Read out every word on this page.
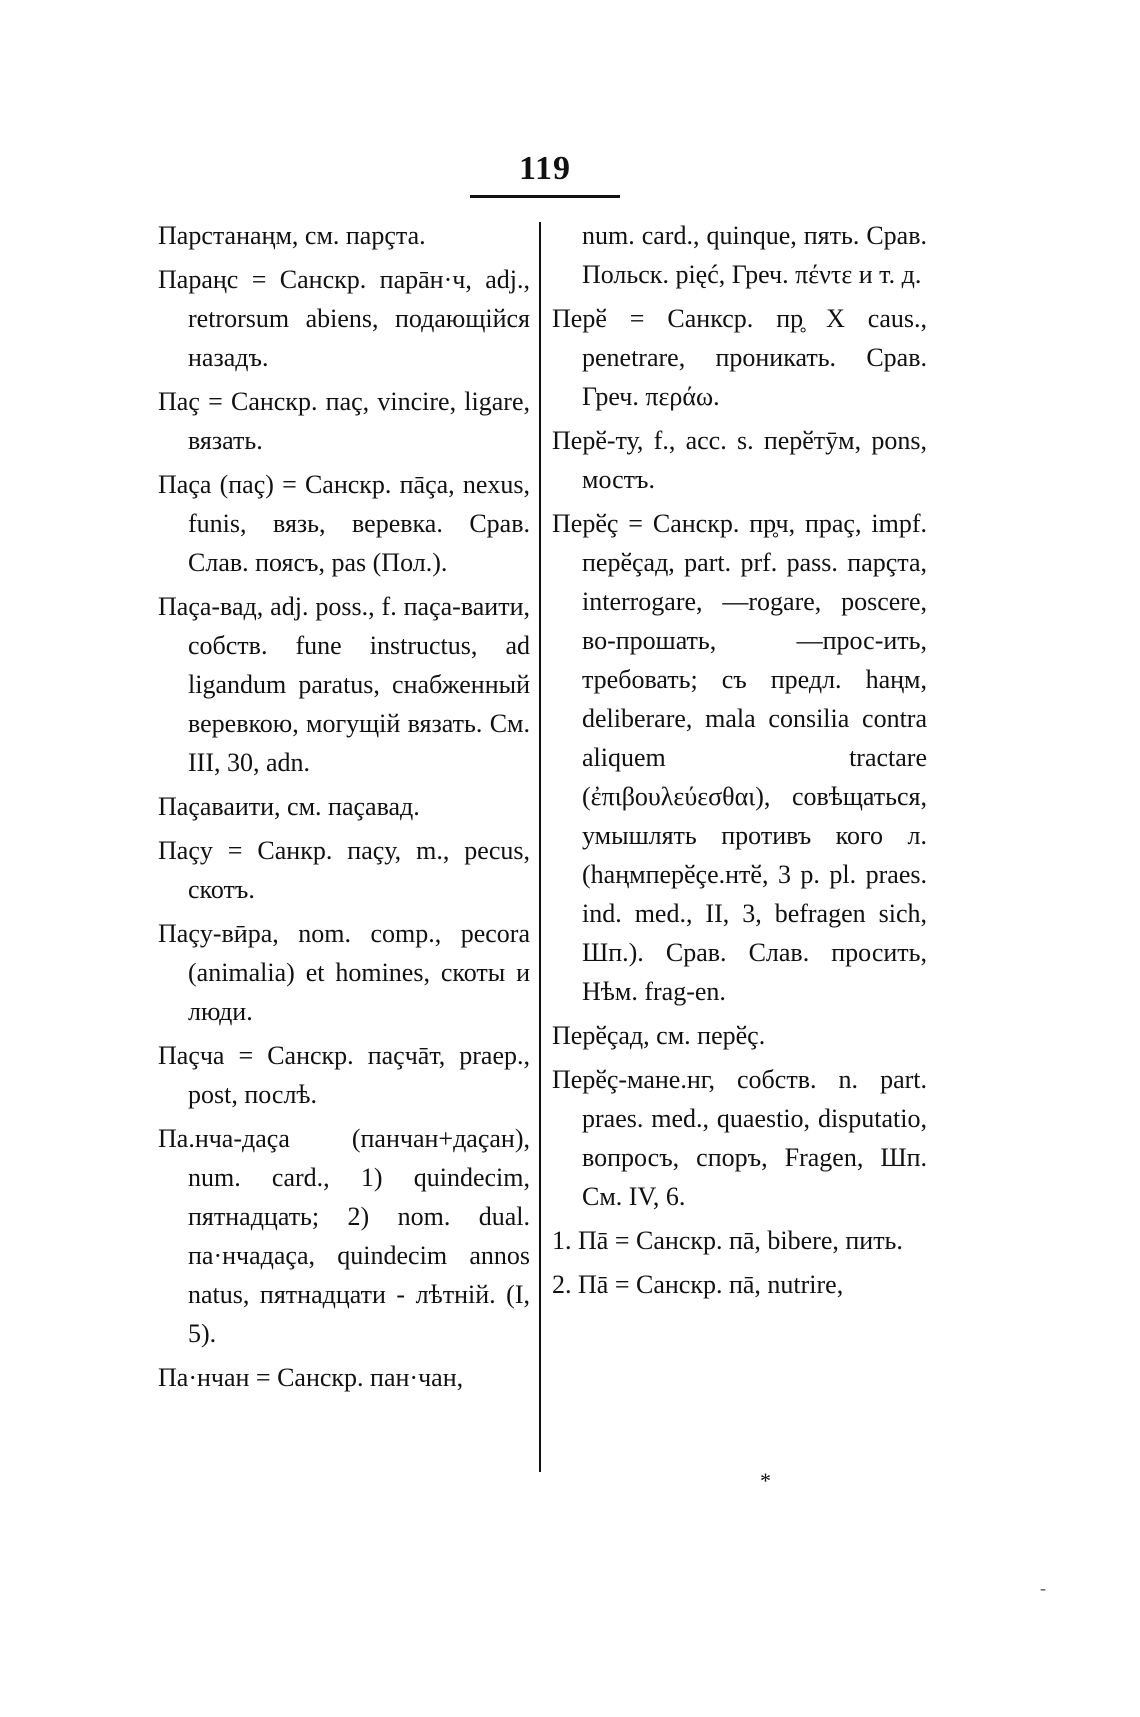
119

Парстанаңм, см. парçта.

Параңс = Санскр. парāн·ч, adj., retrorsum abiens, подающійся назадъ.

Паç = Санскр. паç, vincire, ligare, вязать.

Паçа (паç) = Санскр. пāçа, nexus, funis, вязь, веревка. Срав. Слав. поясъ, pas (Пол.).

Паçа-вад, adj. poss., f. паçа-ваити, собств. fune instructus, ad ligandum paratus, снабженный веревкою, могущій вязать. См. III, 30, adn.

Паçаваити, см. паçавад.

Паçу = Санкр. паçу, m., pecus, скотъ.

Паçу-вӣра, nom. comp., pecora (animalia) et homines, скоты и люди.

Паçча = Санскр. паçчāт, praep., post, послѣ.

Па.нча-даçа (панчан+даçан), num. card., 1) quindecim, пятнадцать; 2) nom. dual. па·нчадаçа, quindecim annos natus, пятнадцати - лѣтній. (I, 5).

Па·нчан = Санскр. пан·чан,

num. card., quinque, пять. Срав. Польск. pięć, Греч. πέντε и т. д.

Перӗ = Санкср. пр̥ X caus., penetrare, проникать. Срав. Греч. περάω.

Перӗ-ту, f., acc. s. перӗтӯм, pons, мостъ.

Перӗç = Санскр. пр̥ч, праç, impf. перӗçад, part. prf. pass. парçта, interrogare, —rogare, poscere, во-прошать, —прос-ить, требовать; съ предл. һаңм, deliberare, mala consilia contra aliquem tractare (ἐπιβουλεύεσθαι), совѣщаться, умышлять противъ кого л. (һаңмперӗçе.нтӗ, 3 p. pl. praes. ind. med., II, 3, befragen sich, Шп.). Срав. Слав. просить, Нѣм. frag-en.

Перӗçад, см. перӗç.

Перӗç-мане.нг, собств. n. part. praes. med., quaestio, disputatio, вопросъ, споръ, Fragen, Шп. См. IV, 6.

1. Пā = Санскр. пā, bibere, пить.

2. Пā = Санскр. пā, nutrire,

*
-
